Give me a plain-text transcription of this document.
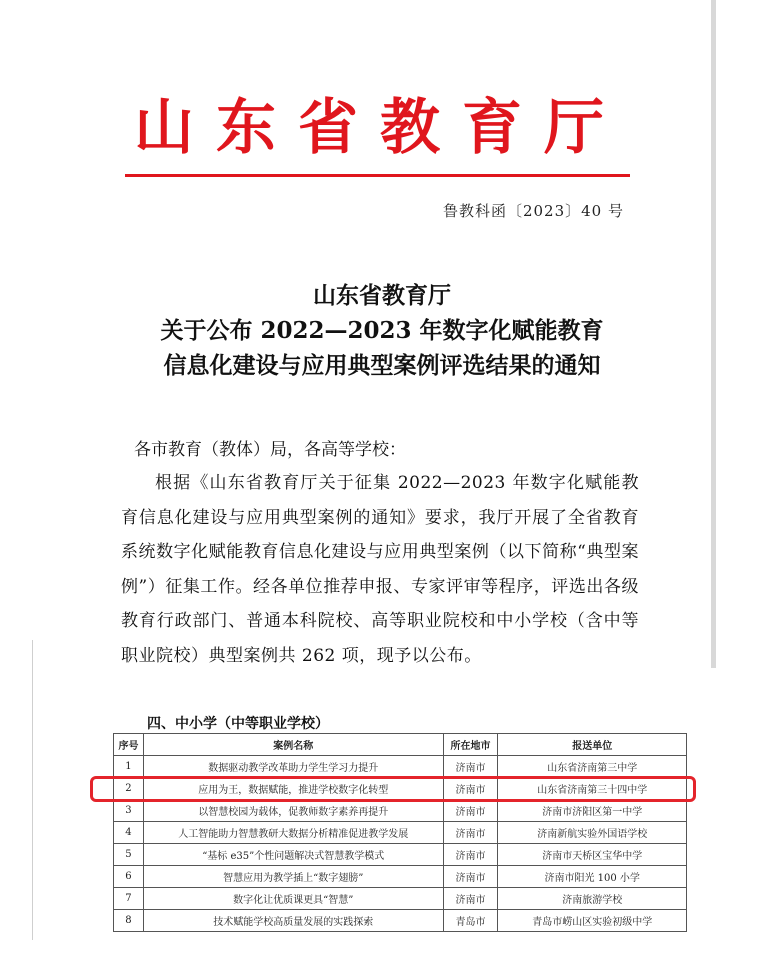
山东省教育厅
鲁教科函〔2023〕40 号
山东省教育厅
关于公布 2022—2023 年数字化赋能教育
信息化建设与应用典型案例评选结果的通知
各市教育（教体）局，各高等学校：
根据《山东省教育厅关于征集 2022—2023 年数字化赋能教育信息化建设与应用典型案例的通知》要求，我厅开展了全省教育系统数字化赋能教育信息化建设与应用典型案例（以下简称“典型案例”）征集工作。经各单位推荐申报、专家评审等程序，评选出各级教育行政部门、普通本科院校、高等职业院校和中小学校（含中等职业院校）典型案例共 262 项，现予以公布。
四、中小学（中等职业学校）
序号	案例名称	所在地市	报送单位
1	数据驱动教学改革助力学生学习力提升	济南市	山东省济南第三中学
2	应用为王，数据赋能，推进学校数字化转型	济南市	山东省济南第三十四中学
3	以智慧校园为载体，促教师数字素养再提升	济南市	济南市济阳区第一中学
4	人工智能助力智慧教研大数据分析精准促进教学发展	济南市	济南新航实验外国语学校
5	“基标 e35”个性问题解决式智慧教学模式	济南市	济南市天桥区宝华中学
6	智慧应用为教学插上“数字翅膀”	济南市	济南市阳光 100 小学
7	数字化让优质课更具“智慧”	济南市	济南旅游学校
8	技术赋能学校高质量发展的实践探索	青岛市	青岛市崂山区实验初级中学
